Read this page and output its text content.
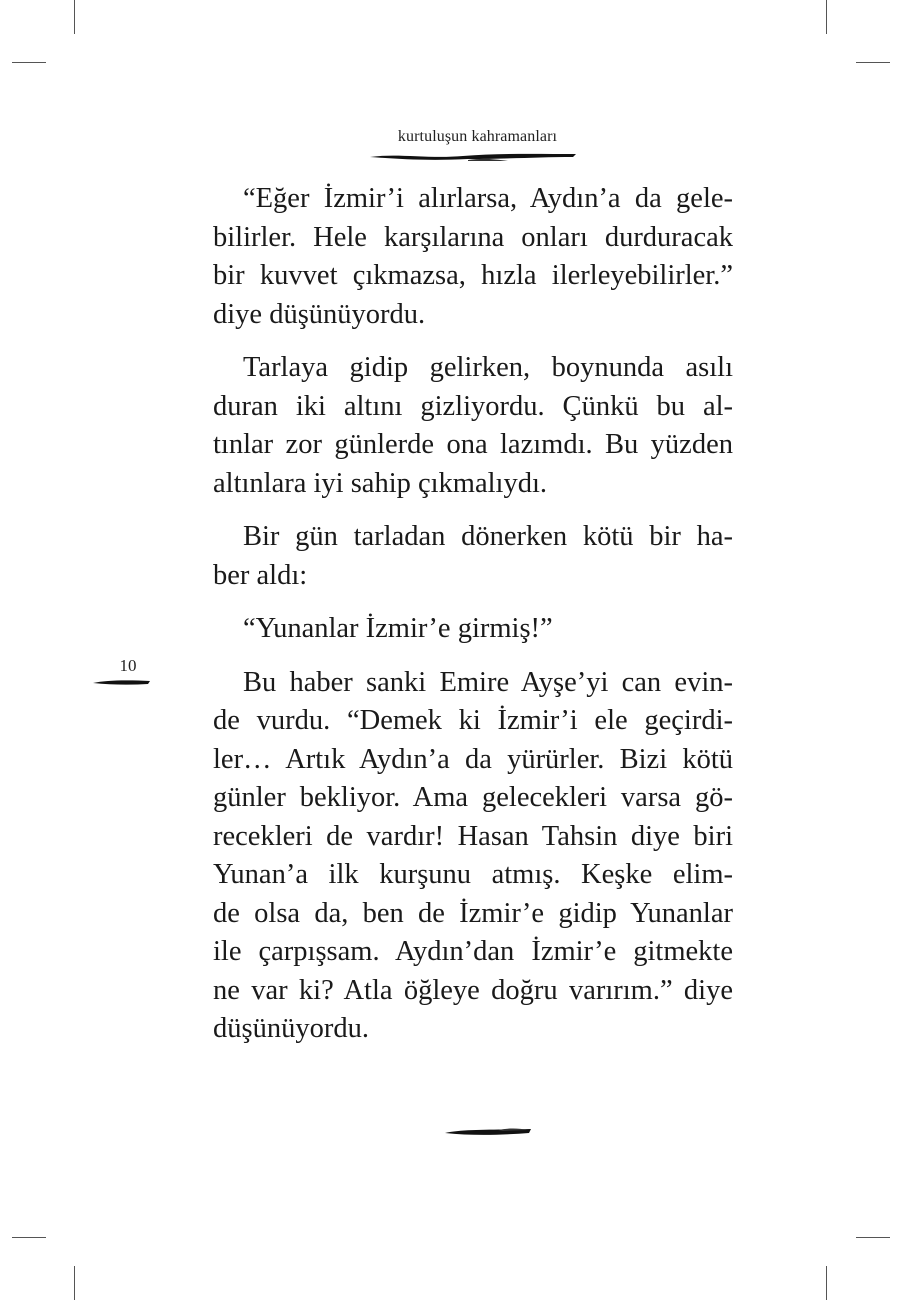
kurtuluşun kahramanları
“Eğer İzmir’i alırlarsa, Aydın’a da gele-
bilirler. Hele karşılarına onları durduracak
bir kuvvet çıkmazsa, hızla ilerleyebilirler.”
diye düşünüyordu.
Tarlaya gidip gelirken, boynunda asılı
duran iki altını gizliyordu. Çünkü bu al-
tınlar zor günlerde ona lazımdı. Bu yüzden
altınlara iyi sahip çıkmalıydı.
Bir gün tarladan dönerken kötü bir ha-
ber aldı:
“Yunanlar İzmir’e girmiş!”
Bu haber sanki Emire Ayşe’yi can evin-
de vurdu. “Demek ki İzmir’i ele geçirdi-
ler… Artık Aydın’a da yürürler. Bizi kötü
günler bekliyor. Ama gelecekleri varsa gö-
recekleri de vardır! Hasan Tahsin diye biri
Yunan’a ilk kurşunu atmış. Keşke elim-
de olsa da, ben de İzmir’e gidip Yunanlar
ile çarpışsam. Aydın’dan İzmir’e gitmekte
ne var ki? Atla öğleye doğru varırım.” diye
düşünüyordu.
10
